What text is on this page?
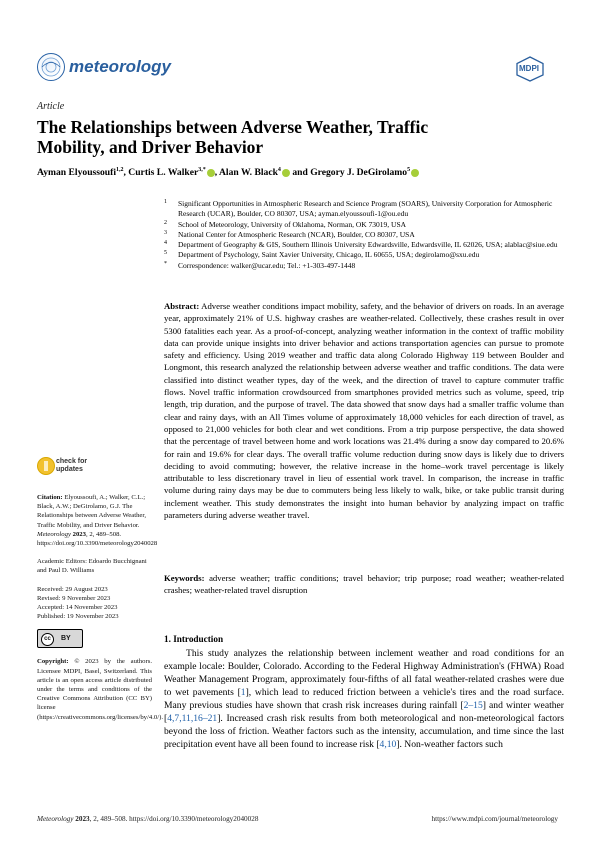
meteorology	MDPI
Article
The Relationships between Adverse Weather, Traffic Mobility, and Driver Behavior
Ayman Elyoussoufi$^{1,2}$, Curtis L. Walker$^{3,*}$ , Alan W. Black$^4$ and Gregory J. DeGirolamo$^5$
1 Significant Opportunities in Atmospheric Research and Science Program (SOARS), University Corporation for Atmospheric Research (UCAR), Boulder, CO 80307, USA; ayman.elyoussoufi-1@ou.edu
2 School of Meteorology, University of Oklahoma, Norman, OK 73019, USA
3 National Center for Atmospheric Research (NCAR), Boulder, CO 80307, USA
4 Department of Geography & GIS, Southern Illinois University Edwardsville, Edwardsville, IL 62026, USA; alablac@siue.edu
5 Department of Psychology, Saint Xavier University, Chicago, IL 60655, USA; degirolamo@sxu.edu
* Correspondence: walker@ucar.edu; Tel.: +1-303-497-1448
Abstract: Adverse weather conditions impact mobility, safety, and the behavior of drivers on roads. In an average year, approximately 21% of U.S. highway crashes are weather-related. Collectively, these crashes result in over 5300 fatalities each year. As a proof-of-concept, analyzing weather information in the context of traffic mobility data can provide unique insights into driver behavior and actions transportation agencies can pursue to promote safety and efficiency. Using 2019 weather and traffic data along Colorado Highway 119 between Boulder and Longmont, this research analyzed the relationship between adverse weather and traffic conditions. The data were classified into distinct weather types, day of the week, and the direction of travel to capture commuter traffic flows. Novel traffic information crowdsourced from smartphones provided metrics such as volume, speed, trip length, trip duration, and the purpose of travel. The data showed that snow days had a smaller traffic volume than clear and rainy days, with an All Times volume of approximately 18,000 vehicles for each direction of travel, as opposed to 21,000 vehicles for both clear and wet conditions. From a trip purpose perspective, the data showed that the percentage of travel between home and work locations was 21.4% during a snow day compared to 20.6% for rain and 19.6% for clear days. The overall traffic volume reduction during snow days is likely due to drivers deciding to avoid commuting; however, the relative increase in the home–work travel percentage is likely attributable to less discretionary travel in lieu of essential work travel. In comparison, the increase in traffic volume during rainy days may be due to commuters being less likely to walk, bike, or take public transit during inclement weather. This study demonstrates the insight into human behavior by analyzing impact on traffic parameters during adverse weather travel.
Keywords: adverse weather; traffic conditions; travel behavior; trip purpose; road weather; weather-related crashes; weather-related travel disruption
check for
updates

Citation: Elyoussoufi, A.; Walker, C.L.; Black, A.W.; DeGirolamo, G.J. The Relationships between Adverse Weather, Traffic Mobility, and Driver Behavior. Meteorology 2023, 2, 489–508. https://doi.org/10.3390/meteorology2040028

Academic Editors: Edoardo Bucchignani and Paul D. Williams

Received: 29 August 2023
Revised: 9 November 2023
Accepted: 14 November 2023
Published: 19 November 2023

cc	BY

Copyright: © 2023 by the authors. Licensee MDPI, Basel, Switzerland. This article is an open access article distributed under the terms and conditions of the Creative Commons Attribution (CC BY) license (https://creativecommons.org/licenses/by/4.0/).

1. Introduction
This study analyzes the relationship between inclement weather and road conditions for an example locale: Boulder, Colorado. According to the Federal Highway Administration's (FHWA) Road Weather Management Program, approximately four-fifths of all fatal weather-related crashes were due to wet pavements [1], which lead to reduced friction between a vehicle's tires and the road surface. Many previous studies have shown that crash risk increases during rainfall [2–15] and winter weather [4,7,11,16–21]. Increased crash risk results from both meteorological and non-meteorological factors beyond the loss of friction. Weather factors such as the intensity, accumulation, and time since the last precipitation event have all been found to increase risk [4,10]. Non-weather factors such
Meteorology 2023, 2, 489–508. https://doi.org/10.3390/meteorology2040028	https://www.mdpi.com/journal/meteorology
